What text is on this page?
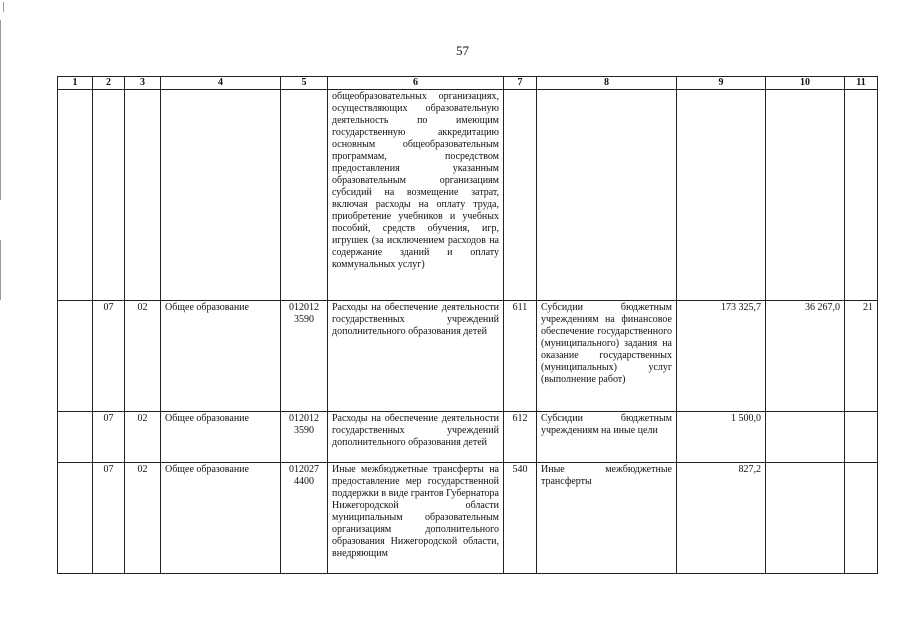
57
1	2	3	4	5	6	7	8	9	10	11
					общеобразовательных организациях, осуществляющих образовательную деятельность по имеющим государственную аккредитацию основным общеобразовательным программам, посредством предоставления указанным образовательным организациям субсидий на возмещение затрат, включая расходы на оплату труда, приобретение учебников и учебных пособий, средств обучения, игр, игрушек (за исключением расходов на содержание зданий и оплату коммунальных услуг)					
	07	02	Общее образование	012012 3590	Расходы на обеспечение деятельности государственных учреждений дополнительного образования детей	611	Субсидии бюджетным учреждениям на финансовое обеспечение государственного (муниципального) задания на оказание государственных (муниципальных) услуг (выполнение работ)	173 325,7	36 267,0	21
	07	02	Общее образование	012012 3590	Расходы на обеспечение деятельности государственных учреждений дополнительного образования детей	612	Субсидии бюджетным учреждениям на иные цели	1 500,0		
	07	02	Общее образование	012027 4400	Иные межбюджетные трансферты на предоставление мер государственной поддержки в виде грантов Губернатора Нижегородской области муниципальным образовательным организациям дополнительного образования Нижегородской области, внедряющим	540	Иные межбюджетные трансферты	827,2		
